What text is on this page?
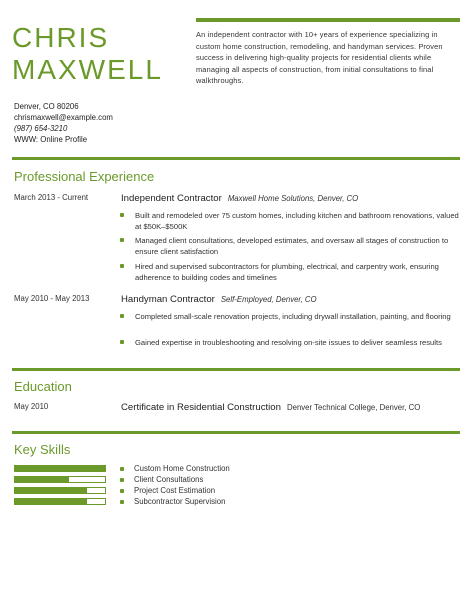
CHRIS
MAXWELL

An independent contractor with 10+ years of experience specializing in custom home construction, remodeling, and handyman services. Proven success in delivering high-quality projects for residential clients while managing all aspects of construction, from initial consultations to final walkthroughs.

Denver, CO 80206

chrismaxwell@example.com

(987) 654-3210

WWW: Online Profile

Professional Experience

March 2013 - Current	Independent Contractor Maxwell Home Solutions, Denver, CO

Built and remodeled over 75 custom homes, including kitchen and bathroom renovations, valued at $50K–$500K
Managed client consultations, developed estimates, and oversaw all stages of construction to ensure client satisfaction
Hired and supervised subcontractors for plumbing, electrical, and carpentry work, ensuring adherence to building codes and timelines

May 2010 - May 2013	Handyman Contractor Self-Employed, Denver, CO

Completed small-scale renovation projects, including drywall installation, painting, and flooring
Gained expertise in troubleshooting and resolving on-site issues to deliver seamless results
Education

May 2010	Certificate in Residential Construction Denver Technical College, Denver, CO

Key Skills

Custom Home Construction

Client Consultations

Project Cost Estimation

Subcontractor Supervision
